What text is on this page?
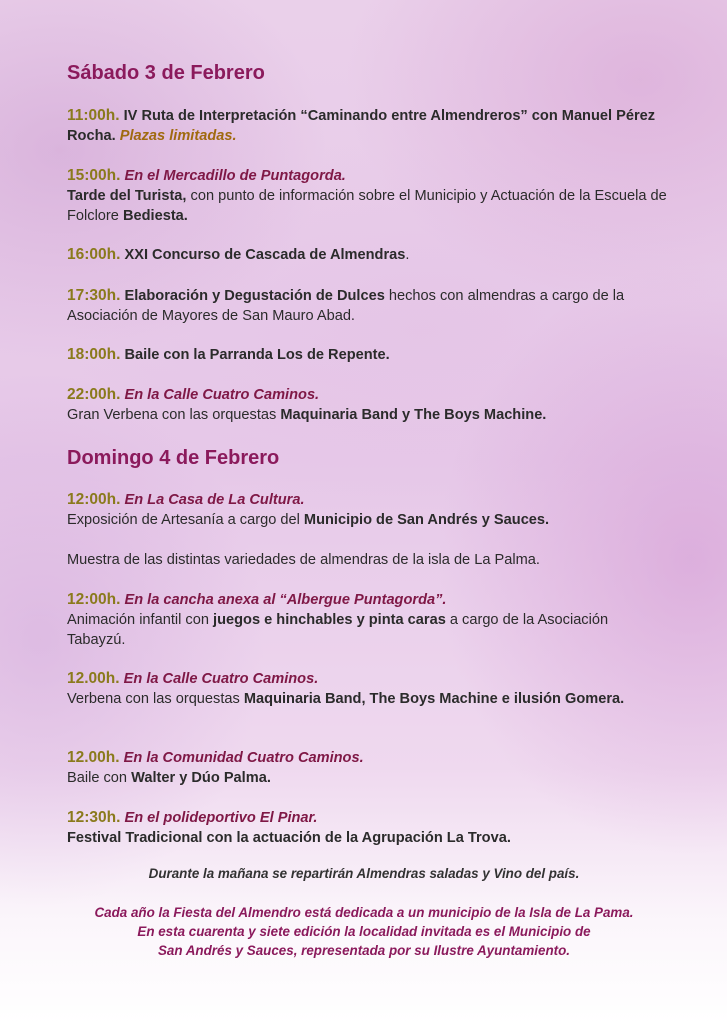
Sábado 3 de Febrero

11:00h. IV Ruta de Interpretación “Caminando entre Almendreros” con Manuel Pérez Rocha. Plazas limitadas.

15:00h. En el Mercadillo de Puntagorda.
Tarde del Turista, con punto de información sobre el Municipio y Actuación de la Escuela de Folclore Bediesta.

16:00h. XXI Concurso de Cascada de Almendras.

17:30h. Elaboración y Degustación de Dulces hechos con almendras a cargo de la Asociación de Mayores de San Mauro Abad.

18:00h. Baile con la Parranda Los de Repente.

22:00h. En la Calle Cuatro Caminos.
Gran Verbena con las orquestas Maquinaria Band y The Boys Machine.

Domingo 4 de Febrero

12:00h. En La Casa de La Cultura.
Exposición de Artesanía a cargo del Municipio de San Andrés y Sauces.

Muestra de las distintas variedades de almendras de la isla de La Palma.

12:00h. En la cancha anexa al “Albergue Puntagorda”.
Animación infantil con juegos e hinchables y pinta caras a cargo de la Asociación Tabayzú.

12.00h. En la Calle Cuatro Caminos.
Verbena con las orquestas Maquinaria Band, The Boys Machine e ilusión Gomera.

12.00h. En la Comunidad Cuatro Caminos.
Baile con Walter y Dúo Palma.

12:30h. En el polideportivo El Pinar.
Festival Tradicional con la actuación de la Agrupación La Trova.

Durante la mañana se repartirán Almendras saladas y Vino del país.

Cada año la Fiesta del Almendro está dedicada a un municipio de la Isla de La Pama.
En esta cuarenta y siete edición la localidad invitada es el Municipio de
San Andrés y Sauces, representada por su Ilustre Ayuntamiento.
